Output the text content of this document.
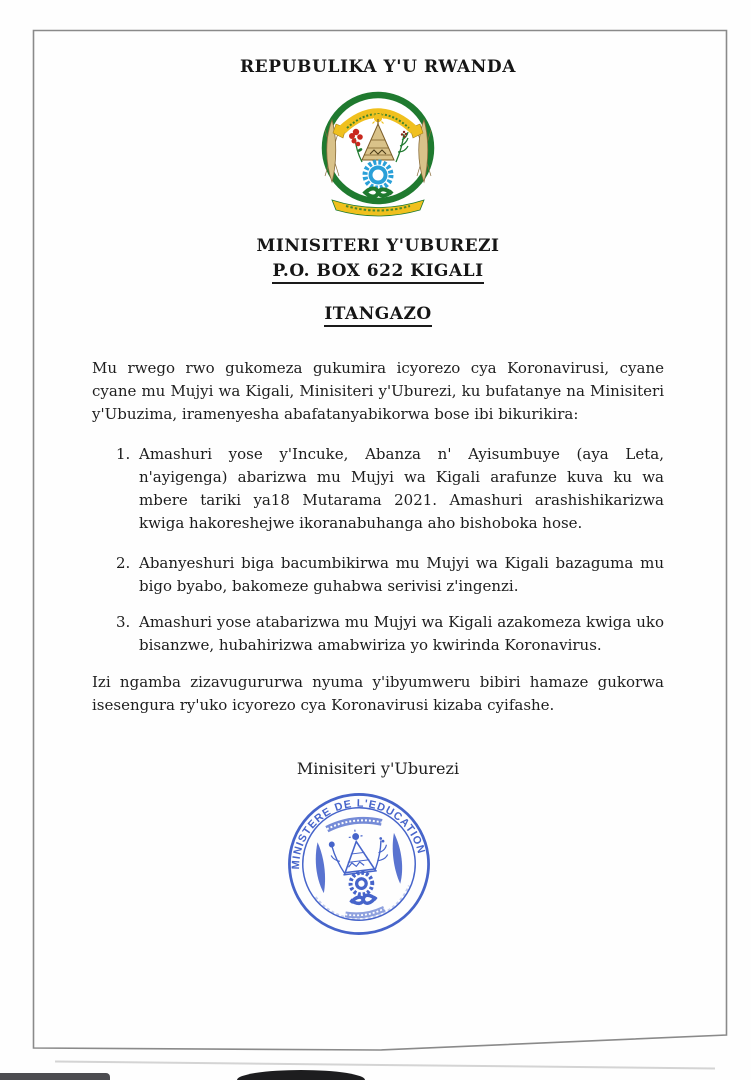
REPUBULIKA Y'U RWANDA
MINISITERI Y'UBUREZI
P.O. BOX 622 KIGALI
ITANGAZO

Mu rwego rwo gukomeza gukumira icyorezo cya Koronavirusi, cyane cyane mu Mujyi wa Kigali, Minisiteri y'Uburezi, ku bufatanye na Minisiteri y'Ubuzima, iramenyesha abafatanyabikorwa bose ibi bikurikira:

1. Amashuri yose y'Incuke, Abanza n' Ayisumbuye (aya Leta, n'ayigenga) abarizwa mu Mujyi wa Kigali arafunze kuva ku wa mbere tariki ya18 Mutarama 2021. Amashuri arashishikarizwa kwiga hakoreshejwe ikoranabuhanga aho bishoboka hose.
2. Abanyeshuri biga bacumbikirwa mu Mujyi wa Kigali bazaguma mu bigo byabo, bakomeze guhabwa serivisi z'ingenzi.
3. Amashuri yose atabarizwa mu Mujyi wa Kigali azakomeza kwiga uko bisanzwe, hubahirizwa amabwiriza yo kwirinda Koronavirus.

Izi ngamba zizavugururwa nyuma y'ibyumweru bibiri hamaze gukorwa isesengura ry'uko icyorezo cya Koronavirusi kizaba cyifashe.

Minisiteri y'Uburezi
MINISTERE DE L'EDUCATION
